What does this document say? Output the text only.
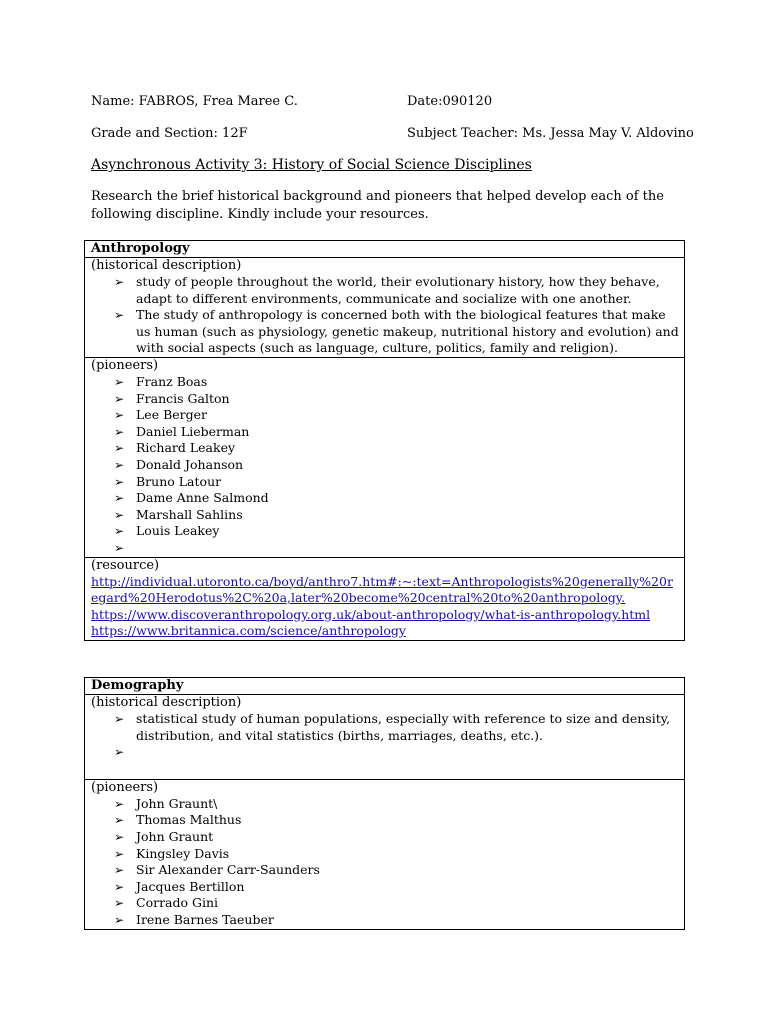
Name: FABROS, Frea Maree C.	Date:090120
Grade and Section: 12F	Subject Teacher: Ms. Jessa May V. Aldovino
Asynchronous Activity 3: History of Social Science Disciplines
Research the brief historical background and pioneers that helped develop each of the following discipline. Kindly include your resources.
Anthropology
(historical description)
➢ study of people throughout the world, their evolutionary history, how they behave, adapt to different environments, communicate and socialize with one another.
➢ The study of anthropology is concerned both with the biological features that make us human (such as physiology, genetic makeup, nutritional history and evolution) and with social aspects (such as language, culture, politics, family and religion).
(pioneers)
➢ Franz Boas
➢ Francis Galton
➢ Lee Berger
➢ Daniel Lieberman
➢ Richard Leakey
➢ Donald Johanson
➢ Bruno Latour
➢ Dame Anne Salmond
➢ Marshall Sahlins
➢ Louis Leakey
➢
(resource)
http://individual.utoronto.ca/boyd/anthro7.htm#:~:text=Anthropologists%20generally%20regard%20Herodotus%2C%20a,later%20become%20central%20to%20anthropology.
https://www.discoveranthropology.org.uk/about-anthropology/what-is-anthropology.html
https://www.britannica.com/science/anthropology
Demography
(historical description)
➢ statistical study of human populations, especially with reference to size and density, distribution, and vital statistics (births, marriages, deaths, etc.).
➢
(pioneers)
➢ John Graunt\
➢ Thomas Malthus
➢ John Graunt
➢ Kingsley Davis
➢ Sir Alexander Carr-Saunders
➢ Jacques Bertillon
➢ Corrado Gini
➢ Irene Barnes Taeuber
